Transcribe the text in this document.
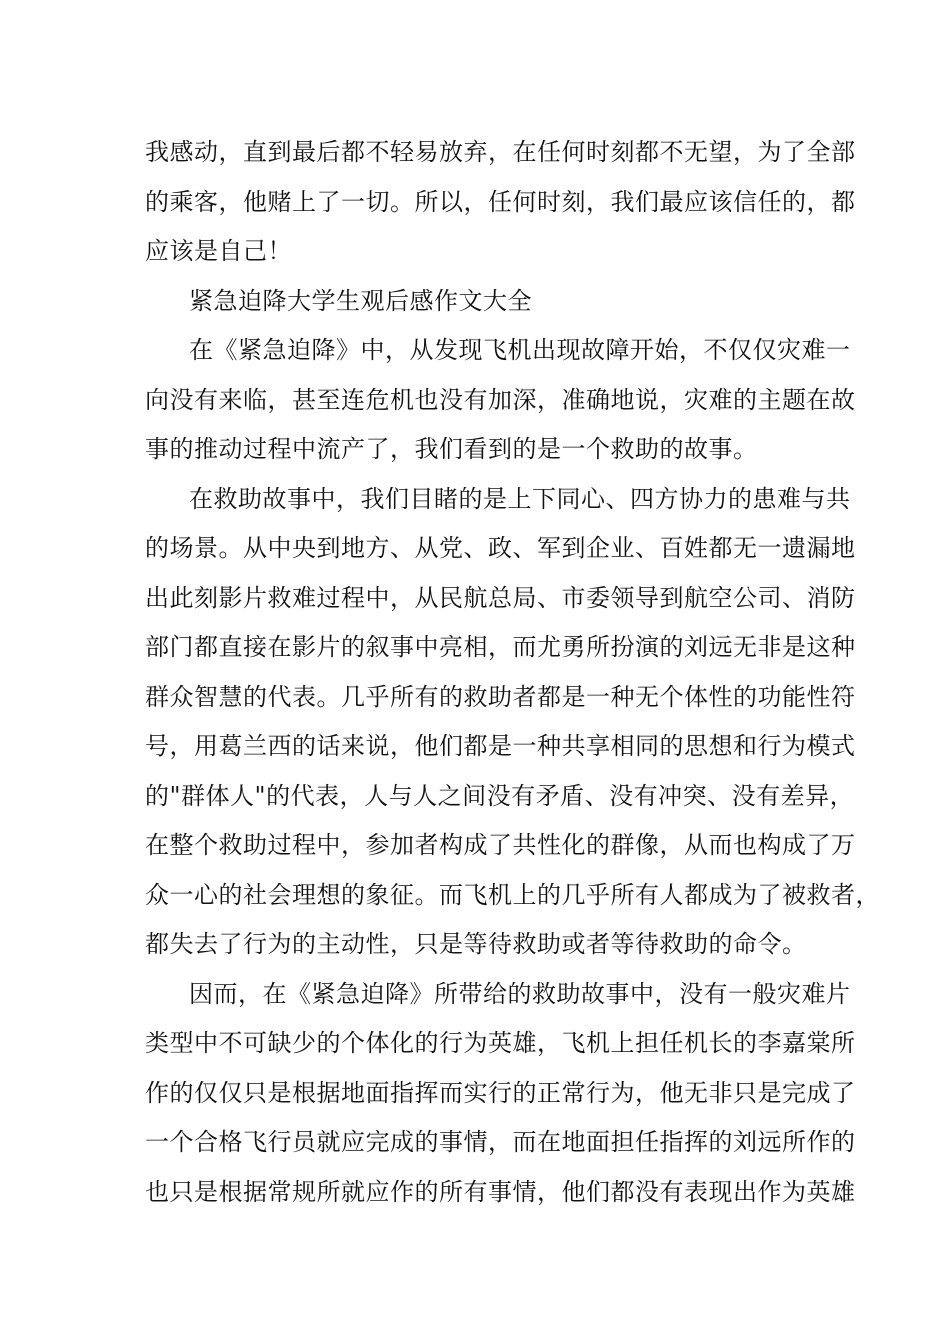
我感动，直到最后都不轻易放弃，在任何时刻都不无望，为了全部
的乘客，他赌上了一切。所以，任何时刻，我们最应该信任的，都
应该是自己！
紧急迫降大学生观后感作文大全
在《紧急迫降》中，从发现飞机出现故障开始，不仅仅灾难一
向没有来临，甚至连危机也没有加深，准确地说，灾难的主题在故
事的推动过程中流产了，我们看到的是一个救助的故事。
在救助故事中，我们目睹的是上下同心、四方协力的患难与共
的场景。从中央到地方、从党、政、军到企业、百姓都无一遗漏地
出此刻影片救难过程中，从民航总局、市委领导到航空公司、消防
部门都直接在影片的叙事中亮相，而尤勇所扮演的刘远无非是这种
群众智慧的代表。几乎所有的救助者都是一种无个体性的功能性符
号，用葛兰西的话来说，他们都是一种共享相同的思想和行为模式
的"群体人"的代表，人与人之间没有矛盾、没有冲突、没有差异，
在整个救助过程中，参加者构成了共性化的群像，从而也构成了万
众一心的社会理想的象征。而飞机上的几乎所有人都成为了被救者，
都失去了行为的主动性，只是等待救助或者等待救助的命令。
因而，在《紧急迫降》所带给的救助故事中，没有一般灾难片
类型中不可缺少的个体化的行为英雄，飞机上担任机长的李嘉棠所
作的仅仅只是根据地面指挥而实行的正常行为，他无非只是完成了
一个合格飞行员就应完成的事情，而在地面担任指挥的刘远所作的
也只是根据常规所就应作的所有事情，他们都没有表现出作为英雄
